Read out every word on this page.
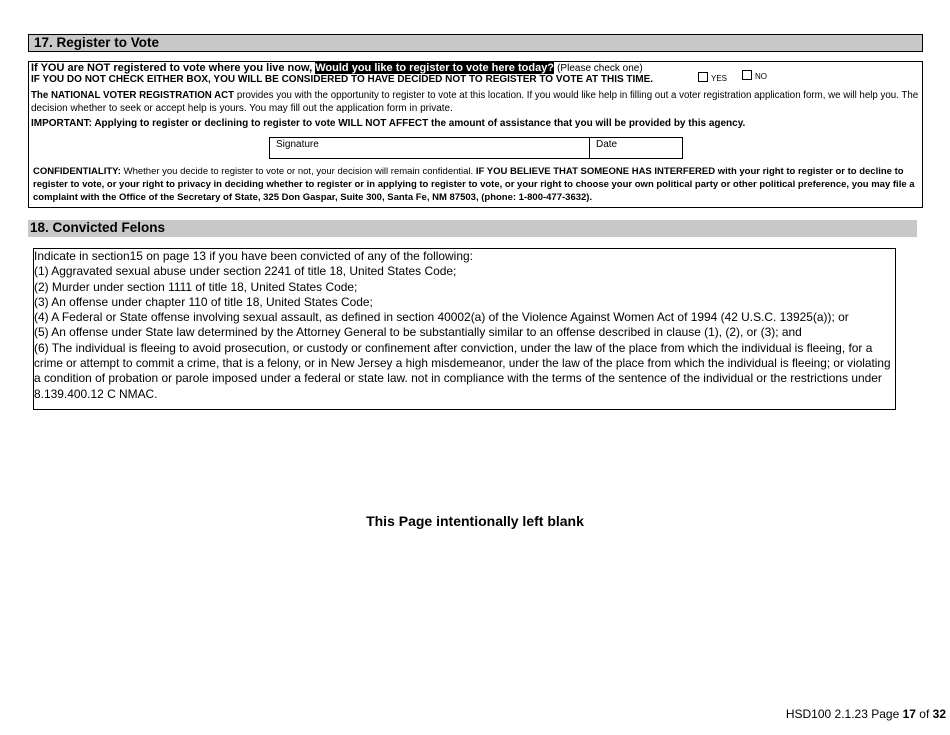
17. Register to Vote
If YOU are NOT registered to vote where you live now, Would you like to register to vote here today? (Please check one)
IF YOU DO NOT CHECK EITHER BOX, YOU WILL BE CONSIDERED TO HAVE DECIDED NOT TO REGISTER TO VOTE AT THIS TIME.	YES	NO
The NATIONAL VOTER REGISTRATION ACT provides you with the opportunity to register to vote at this location. If you would like help in filling out a voter registration application form, we will help you. The
decision whether to seek or accept help is yours. You may fill out the application form in private.
IMPORTANT: Applying to register or declining to register to vote WILL NOT AFFECT the amount of assistance that you will be provided by this agency.
Signature	Date
CONFIDENTIALITY: Whether you decide to register to vote or not, your decision will remain confidential. IF YOU BELIEVE THAT SOMEONE HAS INTERFERED with your right to register or to decline to
register to vote, or your right to privacy in deciding whether to register or in applying to register to vote, or your right to choose your own political party or other political preference, you may file a
complaint with the Office of the Secretary of State, 325 Don Gaspar, Suite 300, Santa Fe, NM 87503, (phone: 1-800-477-3632).
18. Convicted Felons
Indicate in section15 on page 13 if you have been convicted of any of the following:
(1) Aggravated sexual abuse under section 2241 of title 18, United States Code;
(2) Murder under section 1111 of title 18, United States Code;
(3) An offense under chapter 110 of title 18, United States Code;
(4) A Federal or State offense involving sexual assault, as defined in section 40002(a) of the Violence Against Women Act of 1994 (42 U.S.C. 13925(a)); or
(5) An offense under State law determined by the Attorney General to be substantially similar to an offense described in clause (1), (2), or (3); and
(6) The individual is fleeing to avoid prosecution, or custody or confinement after conviction, under the law of the place from which the individual is fleeing, for a
crime or attempt to commit a crime, that is a felony, or in New Jersey a high misdemeanor, under the law of the place from which the individual is fleeing; or violating
a condition of probation or parole imposed under a federal or state law. not in compliance with the terms of the sentence of the individual or the restrictions under
8.139.400.12 C NMAC.
This Page intentionally left blank
HSD100 2.1.23 Page 17 of 32
